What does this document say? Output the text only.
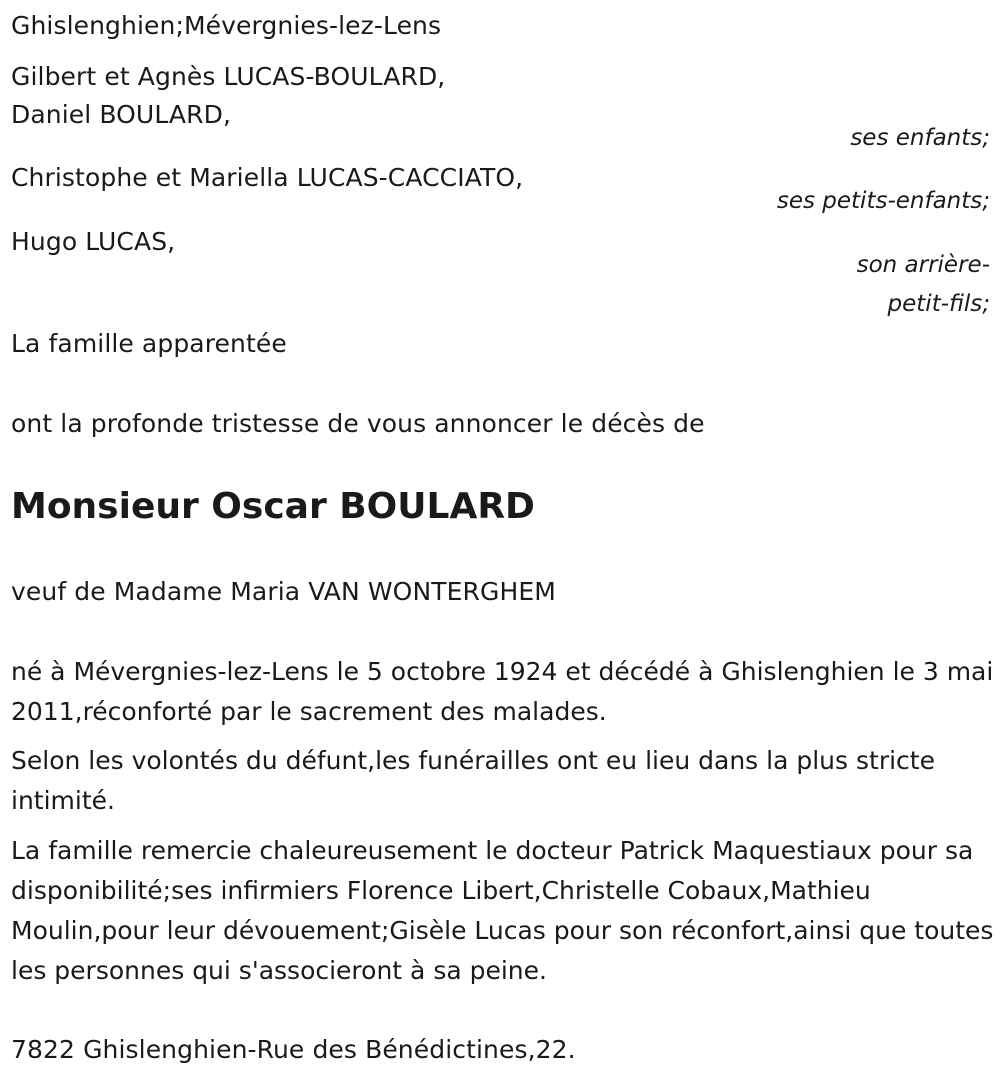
Ghislenghien;Mévergnies-lez-Lens
Gilbert et Agnès LUCAS-BOULARD,
Daniel BOULARD,
ses enfants;
Christophe et Mariella LUCAS-CACCIATO,
ses petits-enfants;
Hugo LUCAS,
son arrière-
petit-fils;
La famille apparentée
ont la profonde tristesse de vous annoncer le décès de
Monsieur Oscar BOULARD
veuf de Madame Maria VAN WONTERGHEM
né à Mévergnies-lez-Lens le 5 octobre 1924 et décédé à Ghislenghien le 3 mai 2011,réconforté par le sacrement des malades.
Selon les volontés du défunt,les funérailles ont eu lieu dans la plus stricte intimité.
La famille remercie chaleureusement le docteur Patrick Maquestiaux pour sa disponibilité;ses infirmiers Florence Libert,Christelle Cobaux,Mathieu Moulin,pour leur dévouement;Gisèle Lucas pour son réconfort,ainsi que toutes les personnes qui s'associeront à sa peine.
7822 Ghislenghien-Rue des Bénédictines,22.
